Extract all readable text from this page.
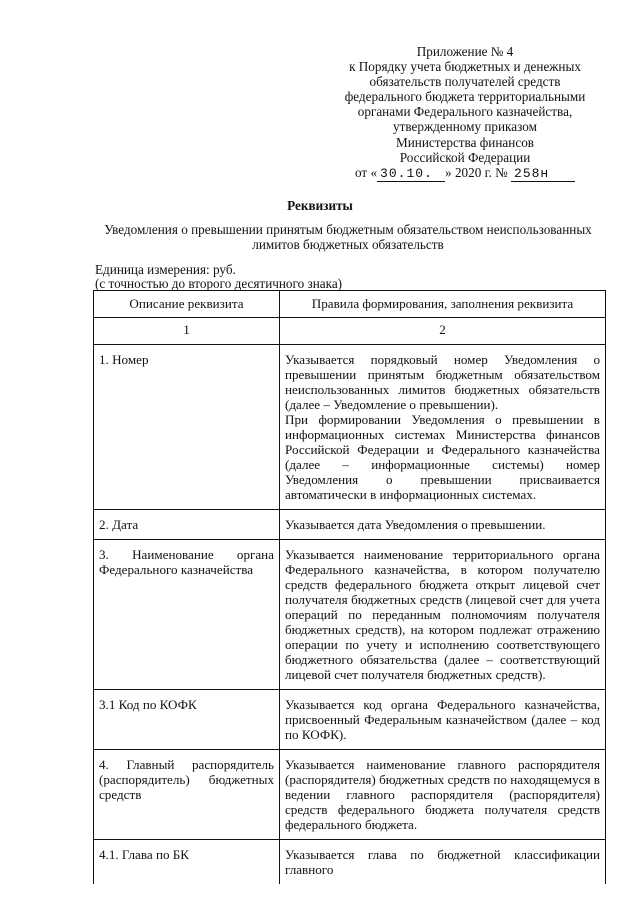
Приложение № 4
к Порядку учета бюджетных и денежных
обязательств получателей средств
федерального бюджета территориальными
органами Федерального казначейства,
утвержденному приказом
Министерства финансов
Российской Федерации
от « 30.10. » 2020 г. № 258н
Реквизиты
Уведомления о превышении принятым бюджетным обязательством неиспользованных лимитов бюджетных обязательств
Единица измерения: руб.
(с точностью до второго десятичного знака)
Описание реквизита	Правила формирования, заполнения реквизита
1	2

1. Номер	Указывается порядковый номер Уведомления о превышении принятым бюджетным обязательством неиспользованных лимитов бюджетных обязательств (далее – Уведомление о превышении).
При формировании Уведомления о превышении в информационных системах Министерства финансов Российской Федерации и Федерального казначейства (далее – информационные системы) номер Уведомления о превышении присваивается автоматически в информационных системах.

2. Дата	Указывается дата Уведомления о превышении.

3. Наименование органа Федерального казначейства	Указывается наименование территориального органа Федерального казначейства, в котором получателю средств федерального бюджета открыт лицевой счет получателя бюджетных средств (лицевой счет для учета операций по переданным полномочиям получателя бюджетных средств), на котором подлежат отражению операции по учету и исполнению соответствующего бюджетного обязательства (далее – соответствующий лицевой счет получателя бюджетных средств).

3.1 Код по КОФК	Указывается код органа Федерального казначейства, присвоенный Федеральным казначейством (далее – код по КОФК).

4. Главный распорядитель (распорядитель) бюджетных средств	Указывается наименование главного распорядителя (распорядителя) бюджетных средств по находящемуся в ведении главного распорядителя (распорядителя) средств федерального бюджета получателя средств федерального бюджета.

4.1. Глава по БК	Указывается глава по бюджетной классификации главного
